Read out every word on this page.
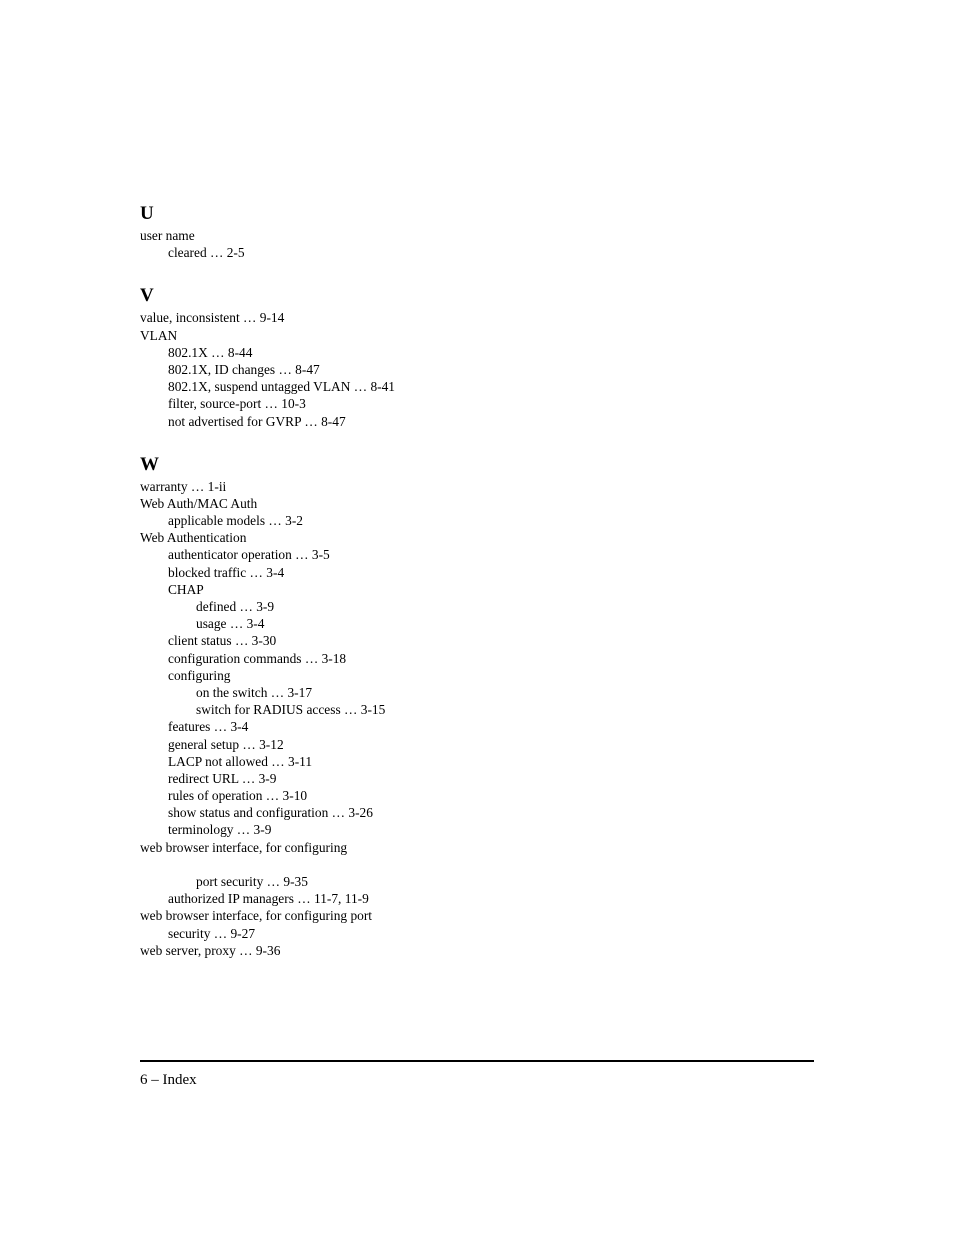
U
user name
cleared … 2-5
V
value, inconsistent … 9-14
VLAN
802.1X … 8-44
802.1X, ID changes … 8-47
802.1X, suspend untagged VLAN … 8-41
filter, source-port … 10-3
not advertised for GVRP … 8-47
W
warranty … 1-ii
Web Auth/MAC Auth
applicable models … 3-2
Web Authentication
authenticator operation … 3-5
blocked traffic … 3-4
CHAP
defined … 3-9
usage … 3-4
client status … 3-30
configuration commands … 3-18
configuring
on the switch … 3-17
switch for RADIUS access … 3-15
features … 3-4
general setup … 3-12
LACP not allowed … 3-11
redirect URL … 3-9
rules of operation … 3-10
show status and configuration … 3-26
terminology … 3-9
web browser interface, for configuring
port security … 9-35
authorized IP managers … 11-7, 11-9
web browser interface, for configuring port
security … 9-27
web server, proxy … 9-36
6 – Index
